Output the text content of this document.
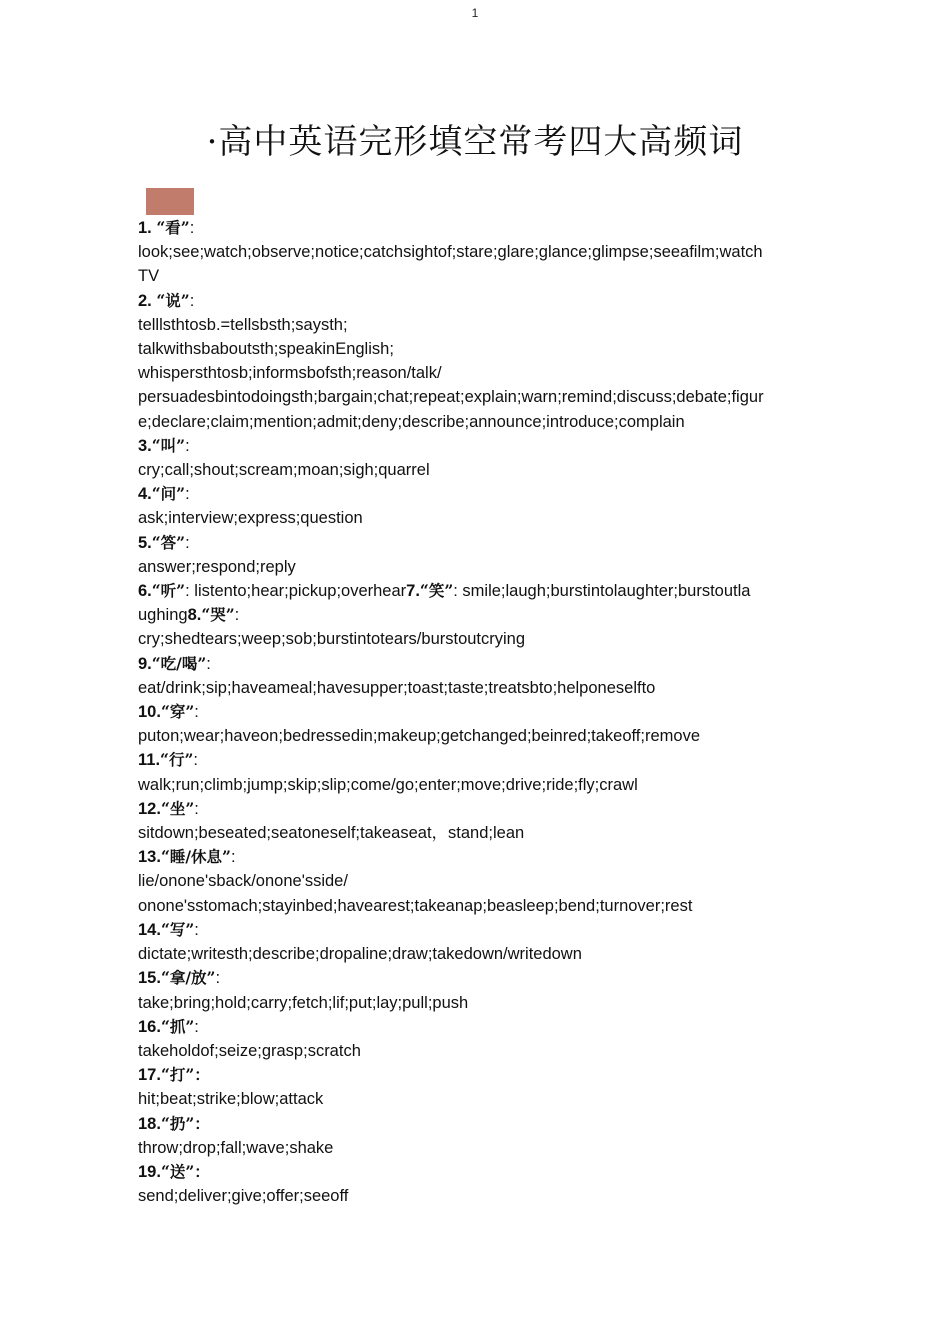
1
·高中英语完形填空常考四大高频词
1. “看”:
look;see;watch;observe;notice;catchsightof;stare;glare;glance;glimpse;seeafilm;watch
TV
2. “说”:
telllsthtosb.=tellsbsth;saysth;
talkwithsbaboutsth;speakinEnglish;
whispersthtosb;informsbofsth;reason/talk/
persuadesbintodoingsth;bargain;chat;repeat;explain;warn;remind;discuss;debate;figur
e;declare;claim;mention;admit;deny;describe;announce;introduce;complain
3.“叫”:
cry;call;shout;scream;moan;sigh;quarrel
4.“问”:
ask;interview;express;question
5.“答”:
answer;respond;reply
6.“听”: listento;hear;pickup;overhear7.“笑”: smile;laugh;burstintolaughter;burstoutla
ughing8.“哭”:
cry;shedtears;weep;sob;burstintotears/burstoutcrying
9.“吃/喝”:
eat/drink;sip;haveameal;havesupper;toast;taste;treatsbto;helponeselfto
10.“穿”:
puton;wear;haveon;bedressedin;makeup;getchanged;beinred;takeoff;remove
11.“行”:
walk;run;climb;jump;skip;slip;come/go;enter;move;drive;ride;fly;crawl
12.“坐”:
sitdown;beseated;seatoneself;takeaseat，stand;lean
13.“睡/休息”:
lie/onone'sback/onone'sside/
onone'sstomach;stayinbed;havearest;takeanap;beasleep;bend;turnover;rest
14.“写”:
dictate;writesth;describe;dropaline;draw;takedown/writedown
15.“拿/放”:
take;bring;hold;carry;fetch;lif;put;lay;pull;push
16.“抓”:
takeholdof;seize;grasp;scratch
17.“打”：
hit;beat;strike;blow;attack
18.“扔”：
throw;drop;fall;wave;shake
19.“送”：
send;deliver;give;offer;seeoff
